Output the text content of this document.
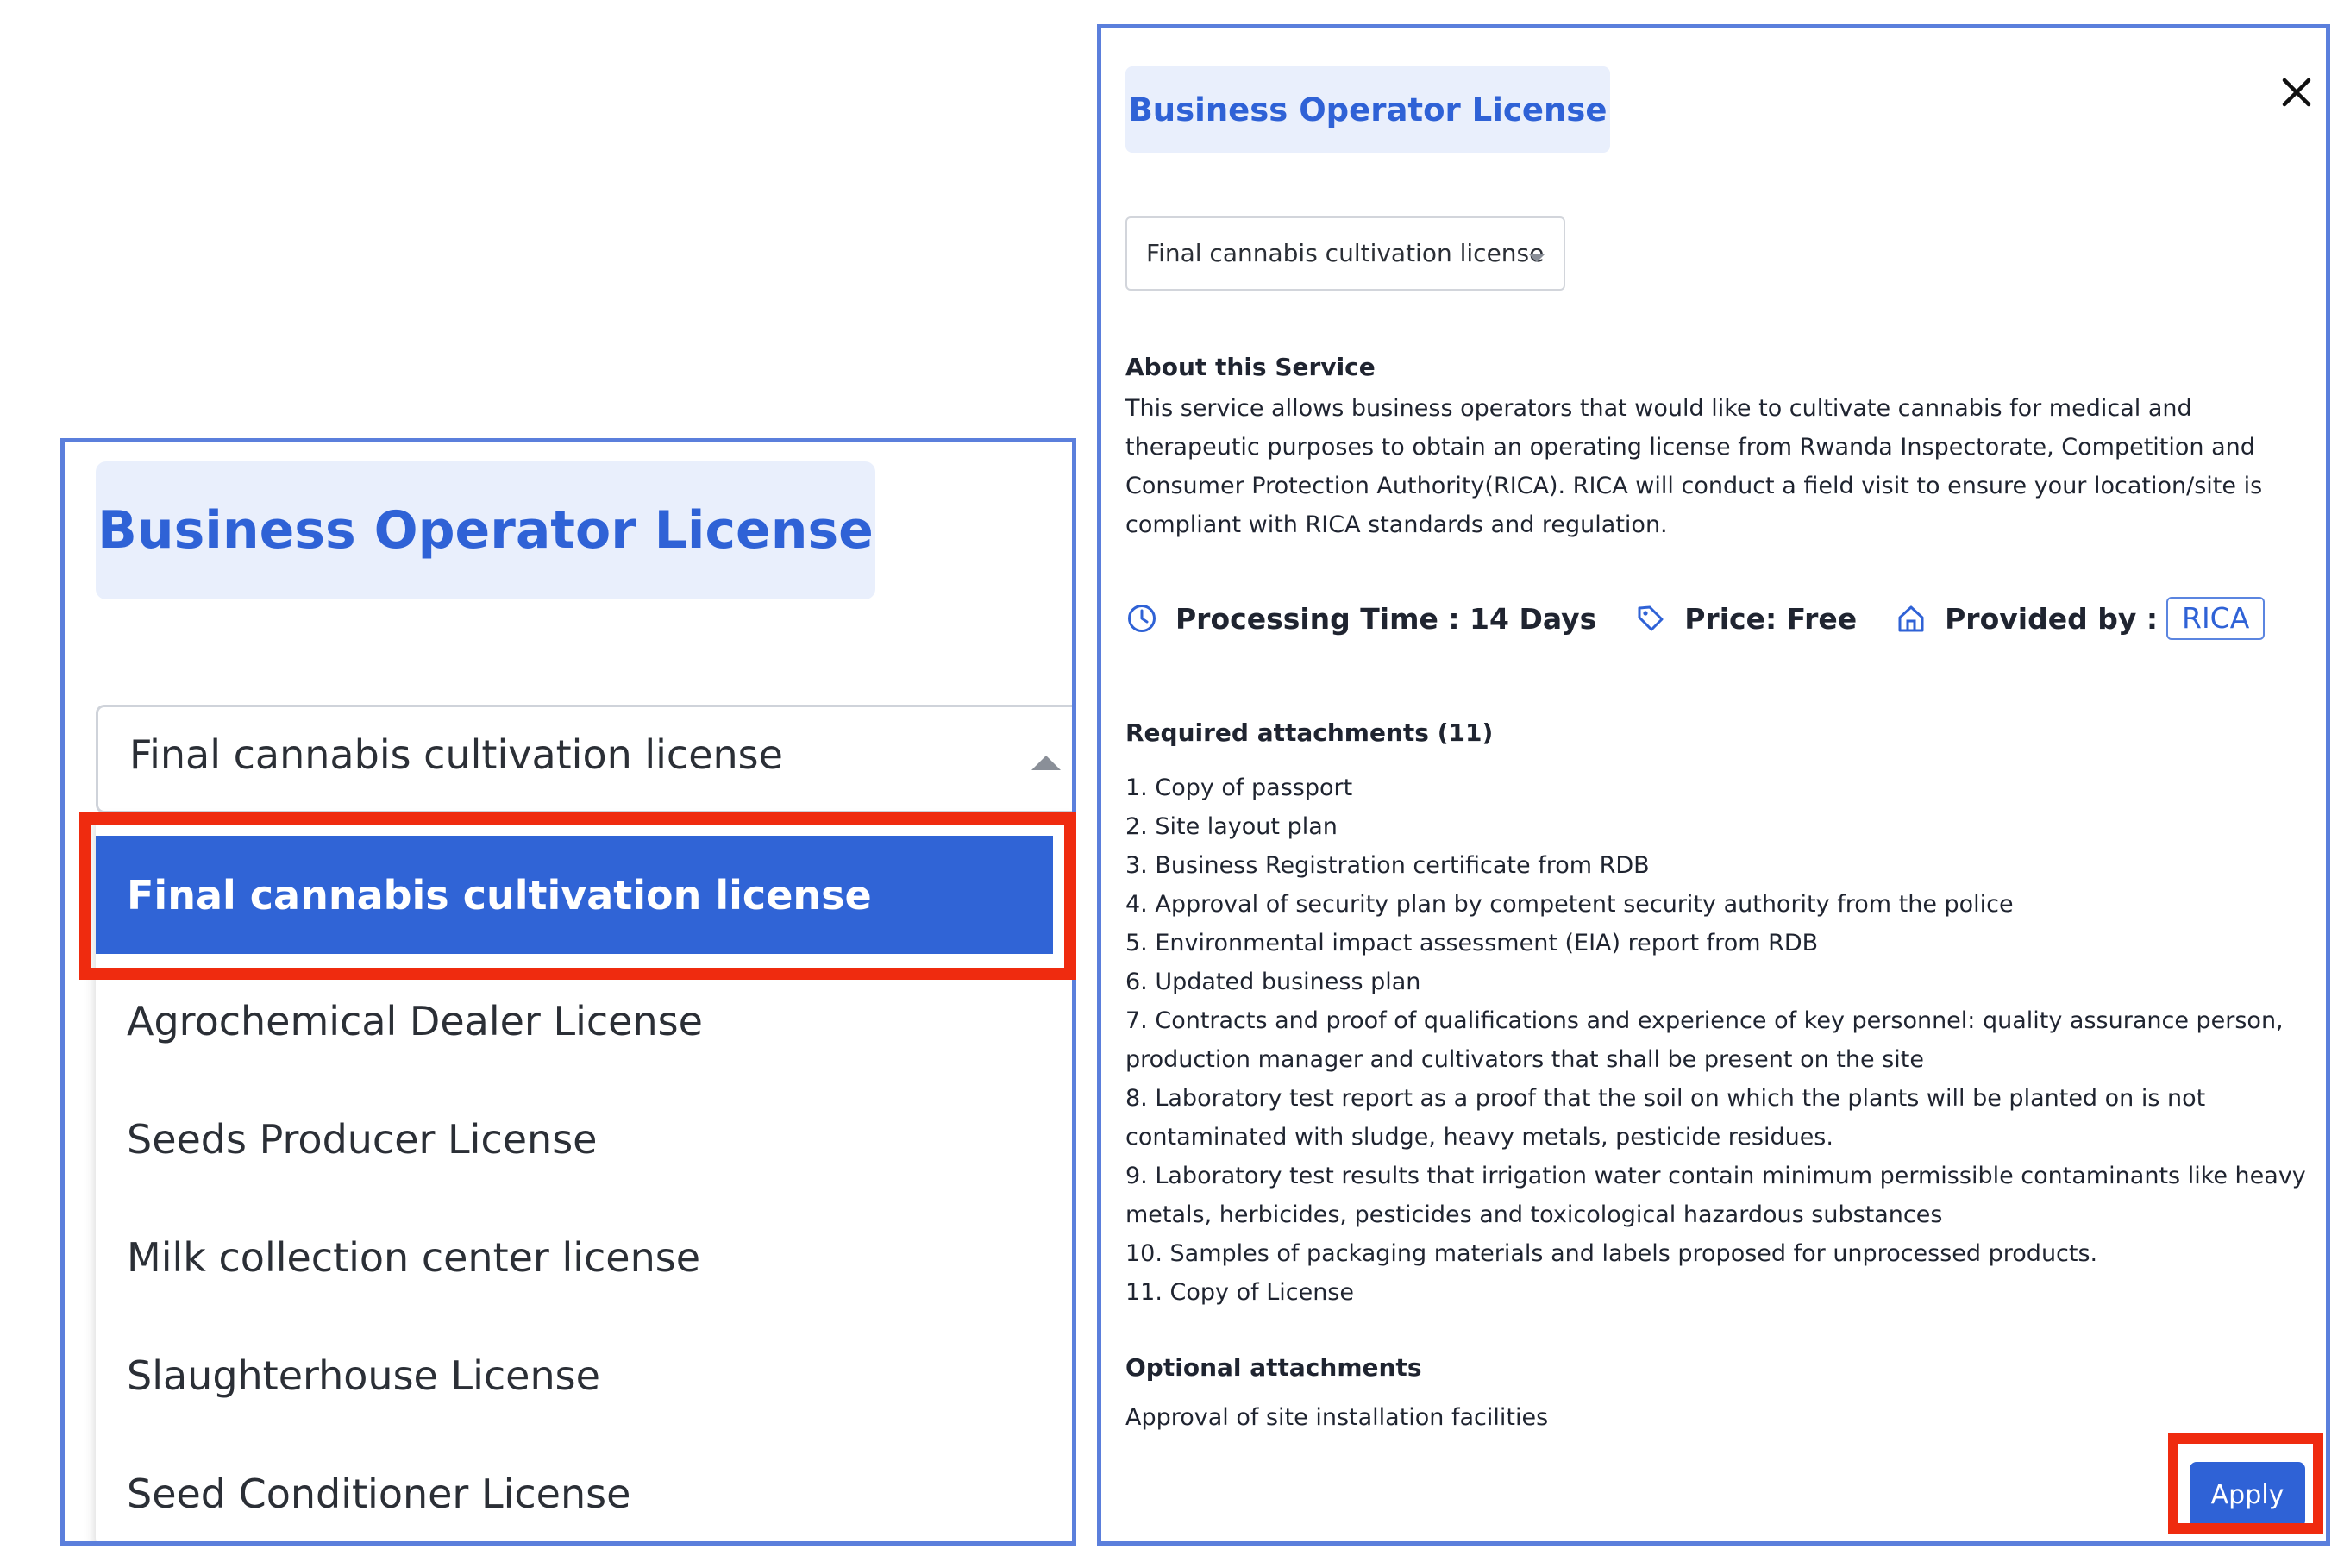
Business Operator License
Final cannabis cultivation license
Final cannabis cultivation license
Agrochemical Dealer License
Seeds Producer License
Milk collection center license
Slaughterhouse License
Seed Conditioner License
Business Operator License
Final cannabis cultivation license
About this Service
This service allows business operators that would like to cultivate cannabis for medical and therapeutic purposes to obtain an operating license from Rwanda Inspectorate, Competition and Consumer Protection Authority(RICA). RICA will conduct a field visit to ensure your location/site is compliant with RICA standards and regulation.
Processing Time : 14 Days	Price: Free	Provided by : RICA
Required attachments (11)
1. Copy of passport
2. Site layout plan
3. Business Registration certificate from RDB
4. Approval of security plan by competent security authority from the police
5. Environmental impact assessment (EIA) report from RDB
6. Updated business plan
7. Contracts and proof of qualifications and experience of key personnel: quality assurance person, production manager and cultivators that shall be present on the site
8. Laboratory test report as a proof that the soil on which the plants will be planted on is not contaminated with sludge, heavy metals, pesticide residues.
9. Laboratory test results that irrigation water contain minimum permissible contaminants like heavy metals, herbicides, pesticides and toxicological hazardous substances
10. Samples of packaging materials and labels proposed for unprocessed products.
11. Copy of License
Optional attachments
Approval of site installation facilities
Apply
